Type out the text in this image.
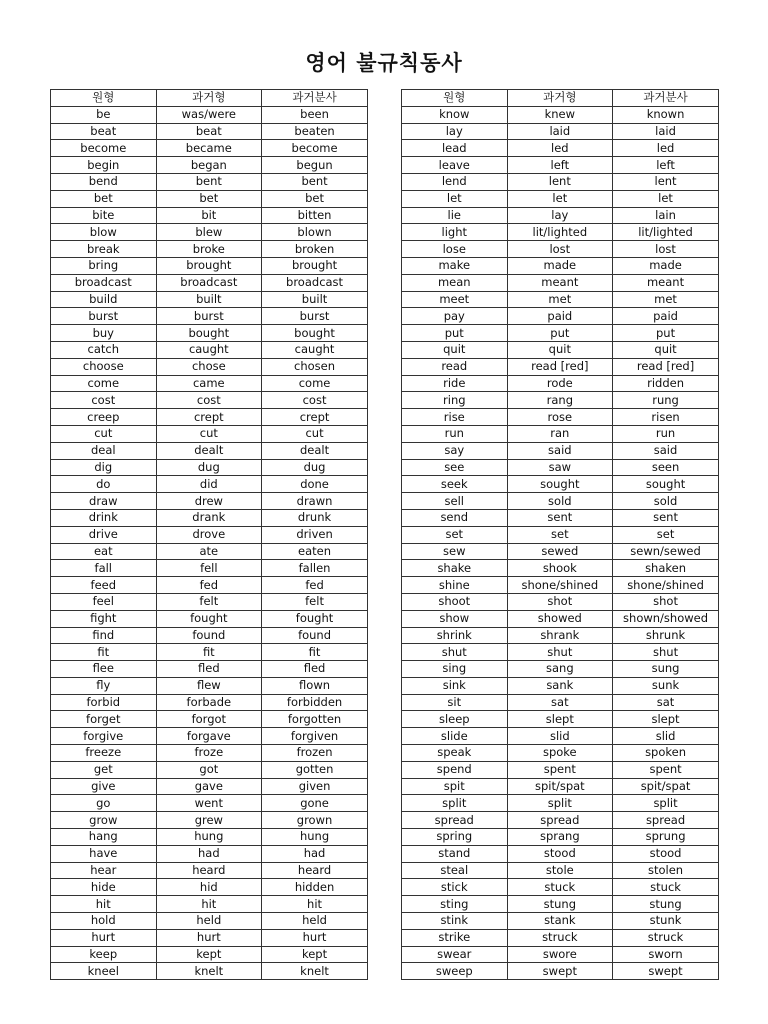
영어 불규칙동사
원형	과거형	과거분사
be	was/were	been
beat	beat	beaten
become	became	become
begin	began	begun
bend	bent	bent
bet	bet	bet
bite	bit	bitten
blow	blew	blown
break	broke	broken
bring	brought	brought
broadcast	broadcast	broadcast
build	built	built
burst	burst	burst
buy	bought	bought
catch	caught	caught
choose	chose	chosen
come	came	come
cost	cost	cost
creep	crept	crept
cut	cut	cut
deal	dealt	dealt
dig	dug	dug
do	did	done
draw	drew	drawn
drink	drank	drunk
drive	drove	driven
eat	ate	eaten
fall	fell	fallen
feed	fed	fed
feel	felt	felt
fight	fought	fought
find	found	found
fit	fit	fit
flee	fled	fled
fly	flew	flown
forbid	forbade	forbidden
forget	forgot	forgotten
forgive	forgave	forgiven
freeze	froze	frozen
get	got	gotten
give	gave	given
go	went	gone
grow	grew	grown
hang	hung	hung
have	had	had
hear	heard	heard
hide	hid	hidden
hit	hit	hit
hold	held	held
hurt	hurt	hurt
keep	kept	kept
kneel	knelt	knelt
원형	과거형	과거분사
know	knew	known
lay	laid	laid
lead	led	led
leave	left	left
lend	lent	lent
let	let	let
lie	lay	lain
light	lit/lighted	lit/lighted
lose	lost	lost
make	made	made
mean	meant	meant
meet	met	met
pay	paid	paid
put	put	put
quit	quit	quit
read	read [red]	read [red]
ride	rode	ridden
ring	rang	rung
rise	rose	risen
run	ran	run
say	said	said
see	saw	seen
seek	sought	sought
sell	sold	sold
send	sent	sent
set	set	set
sew	sewed	sewn/sewed
shake	shook	shaken
shine	shone/shined	shone/shined
shoot	shot	shot
show	showed	shown/showed
shrink	shrank	shrunk
shut	shut	shut
sing	sang	sung
sink	sank	sunk
sit	sat	sat
sleep	slept	slept
slide	slid	slid
speak	spoke	spoken
spend	spent	spent
spit	spit/spat	spit/spat
split	split	split
spread	spread	spread
spring	sprang	sprung
stand	stood	stood
steal	stole	stolen
stick	stuck	stuck
sting	stung	stung
stink	stank	stunk
strike	struck	struck
swear	swore	sworn
sweep	swept	swept
